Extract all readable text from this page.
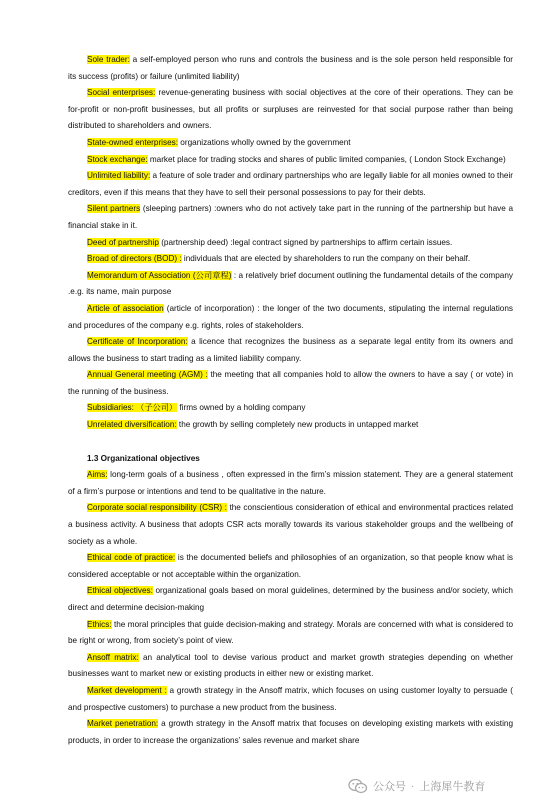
Sole trader: a self-employed person who runs and controls the business and is the sole person held responsible for its success (profits) or failure (unlimited liability)

Social enterprises: revenue-generating business with social objectives at the core of their operations. They can be for-profit or non-profit businesses, but all profits or surpluses are reinvested for that social purpose rather than being distributed to shareholders and owners.

State-owned enterprises: organizations wholly owned by the government

Stock exchange: market place for trading stocks and shares of public limited companies, ( London Stock Exchange)

Unlimited liability: a feature of sole trader and ordinary partnerships who are legally liable for all monies owned to their creditors, even if this means that they have to sell their personal possessions to pay for their debts.

Silent partners (sleeping partners) :owners who do not actively take part in the running of the partnership but have a financial stake in it.

Deed of partnership (partnership deed) :legal contract signed by partnerships to affirm certain issues.

Broad of directors (BOD) : individuals that are elected by shareholders to run the company on their behalf.

Memorandum of Association (公司章程) : a relatively brief document outlining the fundamental details of the company .e.g. its name, main purpose

Article of association (article of incorporation) : the longer of the two documents, stipulating the internal regulations and procedures of the company e.g. rights, roles of stakeholders.

Certificate of Incorporation: a licence that recognizes the business as a separate legal entity from its owners and allows the business to start trading as a limited liability company.

Annual General meeting (AGM) : the meeting that all companies hold to allow the owners to have a say ( or vote) in the running of the business.

Subsidiaries: （子公司） firms owned by a holding company

Unrelated diversification: the growth by selling completely new products in untapped market

1.3 Organizational objectives

Aims: long-term goals of a business , often expressed in the firm’s mission statement. They are a general statement of a firm’s purpose or intentions and tend to be qualitative in the nature.

Corporate social responsibility (CSR) : the conscientious consideration of ethical and environmental practices related a business activity. A business that adopts CSR acts morally towards its various stakeholder groups and the wellbeing of society as a whole.

Ethical code of practice: is the documented beliefs and philosophies of an organization, so that people know what is considered acceptable or not acceptable within the organization.

Ethical objectives: organizational goals based on moral guidelines, determined by the business and/or society, which direct and determine decision-making

Ethics: the moral principles that guide decision-making and strategy. Morals are concerned with what is considered to be right or wrong, from society’s point of view.

Ansoff matrix: an analytical tool to devise various product and market growth strategies depending on whether businesses want to market new or existing products in either new or existing market.

Market development : a growth strategy in the Ansoff matrix, which focuses on using customer loyalty to persuade ( and prospective customers) to purchase a new product from the business.

Market penetration: a growth strategy in the Ansoff matrix that focuses on developing existing markets with existing products, in order to increase the organizations’ sales revenue and market share

公众号 · 上海犀牛教育
